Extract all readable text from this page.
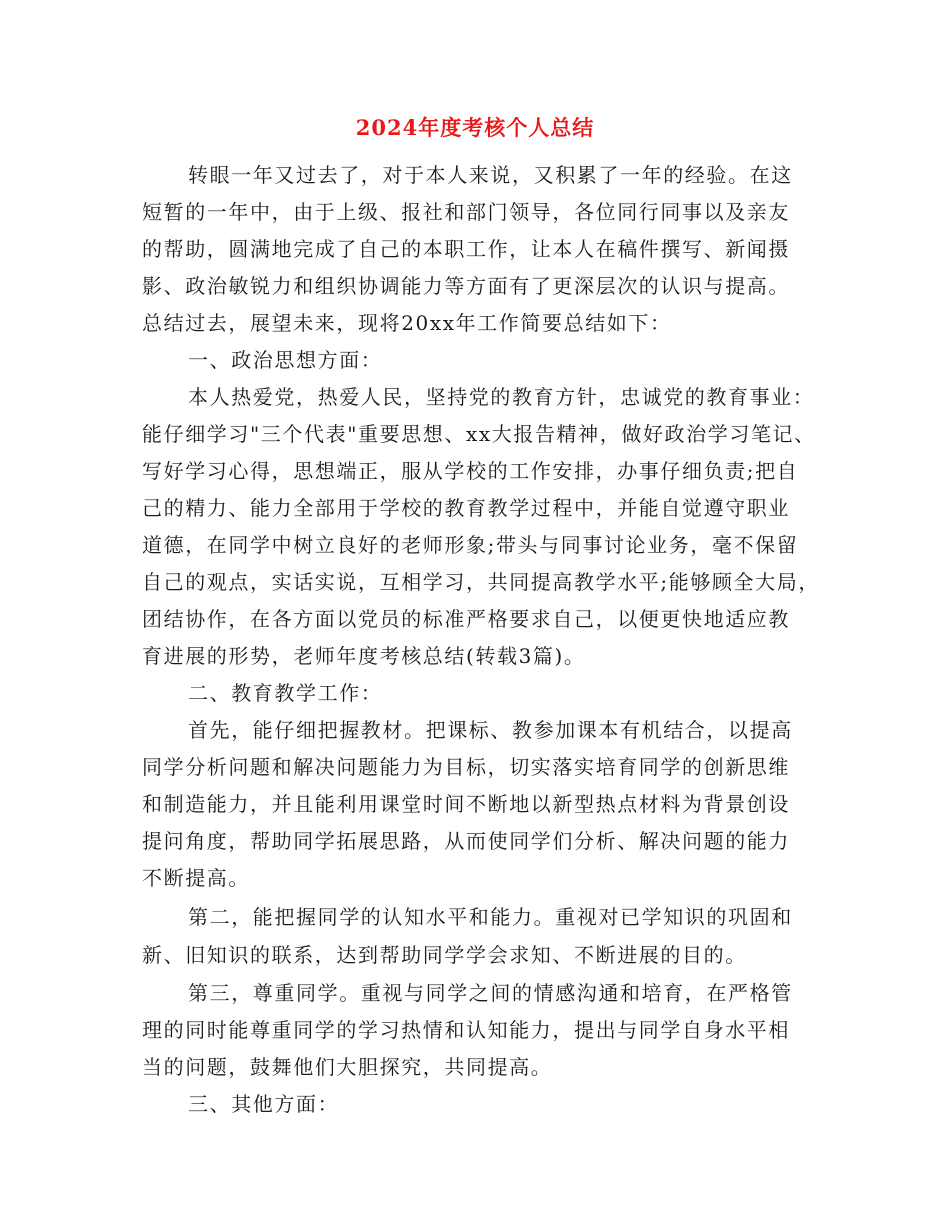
2024年度考核个人总结
转眼一年又过去了，对于本人来说，又积累了一年的经验。在这
短暂的一年中，由于上级、报社和部门领导，各位同行同事以及亲友
的帮助，圆满地完成了自己的本职工作，让本人在稿件撰写、新闻摄
影、政治敏锐力和组织协调能力等方面有了更深层次的认识与提高。
总结过去，展望未来，现将20xx年工作简要总结如下：
一、政治思想方面：
本人热爱党，热爱人民，坚持党的教育方针，忠诚党的教育事业：
能仔细学习"三个代表"重要思想、xx大报告精神，做好政治学习笔记、
写好学习心得，思想端正，服从学校的工作安排，办事仔细负责;把自
己的精力、能力全部用于学校的教育教学过程中，并能自觉遵守职业
道德，在同学中树立良好的老师形象;带头与同事讨论业务，毫不保留
自己的观点，实话实说，互相学习，共同提高教学水平;能够顾全大局，
团结协作，在各方面以党员的标准严格要求自己，以便更快地适应教
育进展的形势，老师年度考核总结(转载3篇)。
二、教育教学工作：
首先，能仔细把握教材。把课标、教参加课本有机结合，以提高
同学分析问题和解决问题能力为目标，切实落实培育同学的创新思维
和制造能力，并且能利用课堂时间不断地以新型热点材料为背景创设
提问角度，帮助同学拓展思路，从而使同学们分析、解决问题的能力
不断提高。
第二，能把握同学的认知水平和能力。重视对已学知识的巩固和
新、旧知识的联系，达到帮助同学学会求知、不断进展的目的。
第三，尊重同学。重视与同学之间的情感沟通和培育，在严格管
理的同时能尊重同学的学习热情和认知能力，提出与同学自身水平相
当的问题，鼓舞他们大胆探究，共同提高。
三、其他方面：
